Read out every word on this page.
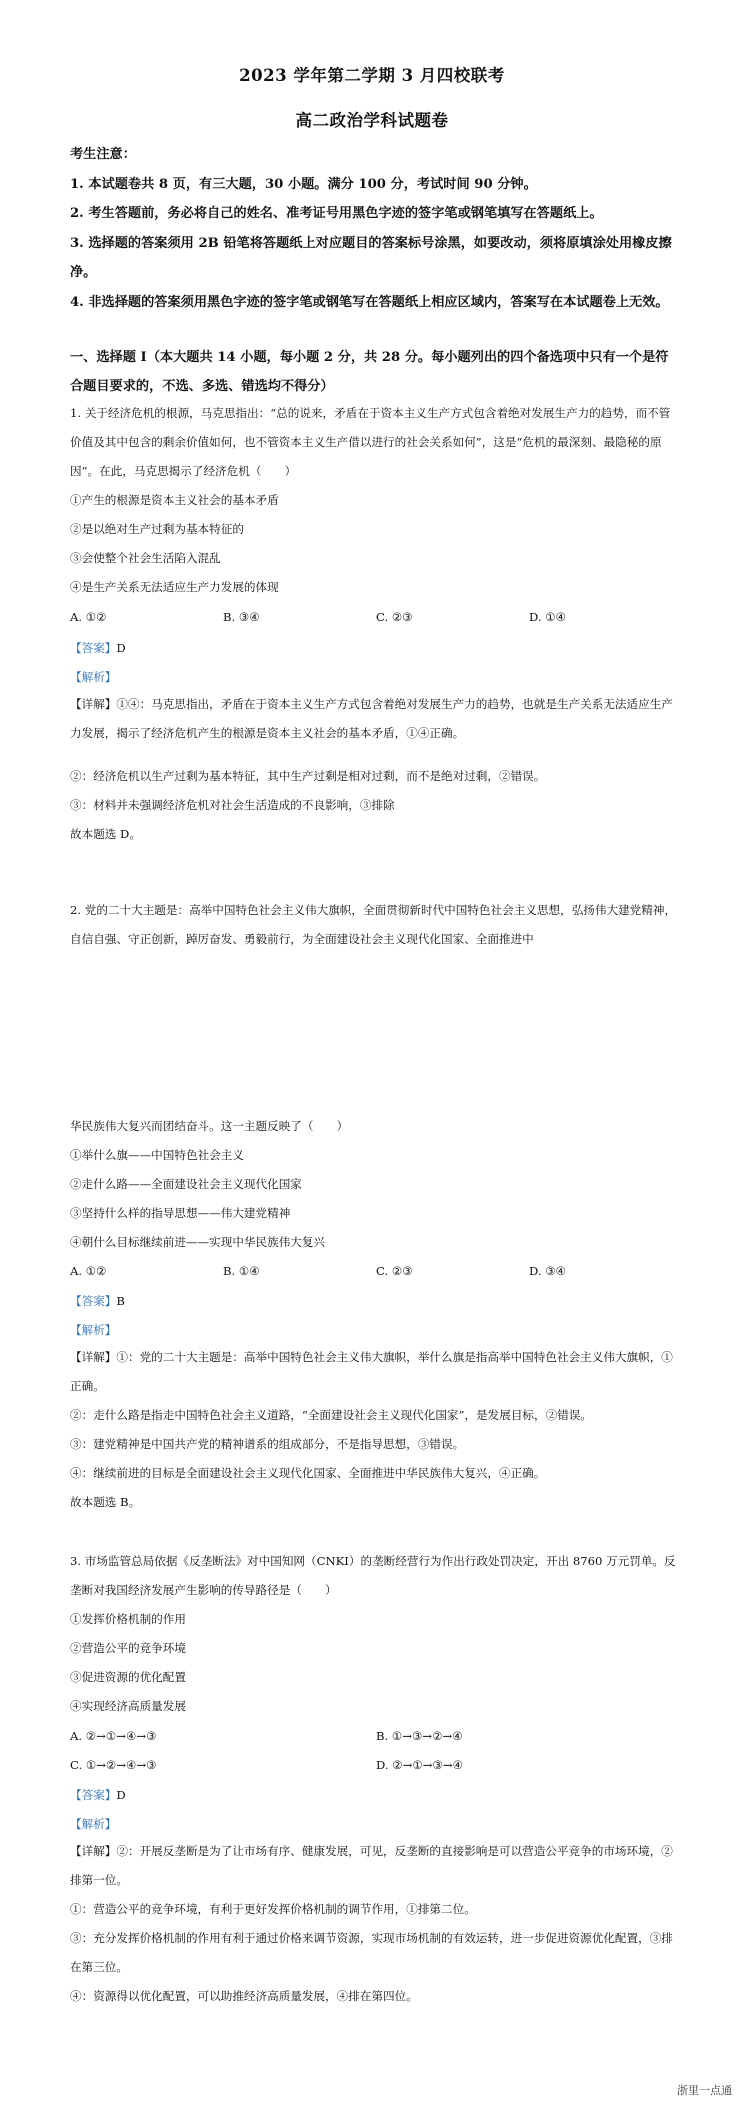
2023 学年第二学期 3 月四校联考
高二政治学科试题卷

考生注意：

1. 本试题卷共 8 页，有三大题，30 小题。满分 100 分，考试时间 90 分钟。

2. 考生答题前，务必将自己的姓名、准考证号用黑色字迹的签字笔或钢笔填写在答题纸上。

3. 选择题的答案须用 2B 铅笔将答题纸上对应题目的答案标号涂黑，如要改动，须将原填涂处用橡皮擦净。

4. 非选择题的答案须用黑色字迹的签字笔或钢笔写在答题纸上相应区域内，答案写在本试题卷上无效。

一、选择题 I（本大题共 14 小题，每小题 2 分，共 28 分。每小题列出的四个备选项中只有一个是符合题目要求的，不选、多选、错选均不得分）

1. 关于经济危机的根源，马克思指出：“总的说来，矛盾在于资本主义生产方式包含着绝对发展生产力的趋势，而不管价值及其中包含的剩余价值如何，也不管资本主义生产借以进行的社会关系如何”，这是“危机的最深刻、最隐秘的原因”。在此，马克思揭示了经济危机（　　）

①产生的根源是资本主义社会的基本矛盾

②是以绝对生产过剩为基本特征的

③会使整个社会生活陷入混乱

④是生产关系无法适应生产力发展的体现

A. ①②	B. ③④	C. ②③	D. ①④
【答案】D
【解析】

【详解】①④：马克思指出，矛盾在于资本主义生产方式包含着绝对发展生产力的趋势，也就是生产关系无法适应生产力发展，揭示了经济危机产生的根源是资本主义社会的基本矛盾，①④正确。

②：经济危机以生产过剩为基本特征，其中生产过剩是相对过剩，而不是绝对过剩，②错误。

③：材料并未强调经济危机对社会生活造成的不良影响，③排除

故本题选 D。

2. 党的二十大主题是：高举中国特色社会主义伟大旗帜，全面贯彻新时代中国特色社会主义思想，弘扬伟大建党精神，自信自强、守正创新，踔厉奋发、勇毅前行，为全面建设社会主义现代化国家、全面推进中

华民族伟大复兴而团结奋斗。这一主题反映了（　　）

①举什么旗——中国特色社会主义

②走什么路——全面建设社会主义现代化国家

③坚持什么样的指导思想——伟大建党精神

④朝什么目标继续前进——实现中华民族伟大复兴

A. ①②	B. ①④	C. ②③	D. ③④
【答案】B
【解析】

【详解】①：党的二十大主题是：高举中国特色社会主义伟大旗帜，举什么旗是指高举中国特色社会主义伟大旗帜，①正确。

②：走什么路是指走中国特色社会主义道路，“全面建设社会主义现代化国家”，是发展目标，②错误。

③：建党精神是中国共产党的精神谱系的组成部分，不是指导思想，③错误。

④：继续前进的目标是全面建设社会主义现代化国家、全面推进中华民族伟大复兴，④正确。

故本题选 B。

3. 市场监管总局依据《反垄断法》对中国知网（CNKI）的垄断经营行为作出行政处罚决定，开出 8760 万元罚单。反垄断对我国经济发展产生影响的传导路径是（　　）

①发挥价格机制的作用

②营造公平的竞争环境

③促进资源的优化配置

④实现经济高质量发展

A. ②→①→④→③	B. ①→③→②→④
C. ①→②→④→③	D. ②→①→③→④
【答案】D
【解析】

【详解】②：开展反垄断是为了让市场有序、健康发展，可见，反垄断的直接影响是可以营造公平竞争的市场环境，②排第一位。

①：营造公平的竞争环境，有利于更好发挥价格机制的调节作用，①排第二位。

③：充分发挥价格机制的作用有利于通过价格来调节资源，实现市场机制的有效运转，进一步促进资源优化配置，③排在第三位。

④：资源得以优化配置，可以助推经济高质量发展，④排在第四位。

浙里一点通
